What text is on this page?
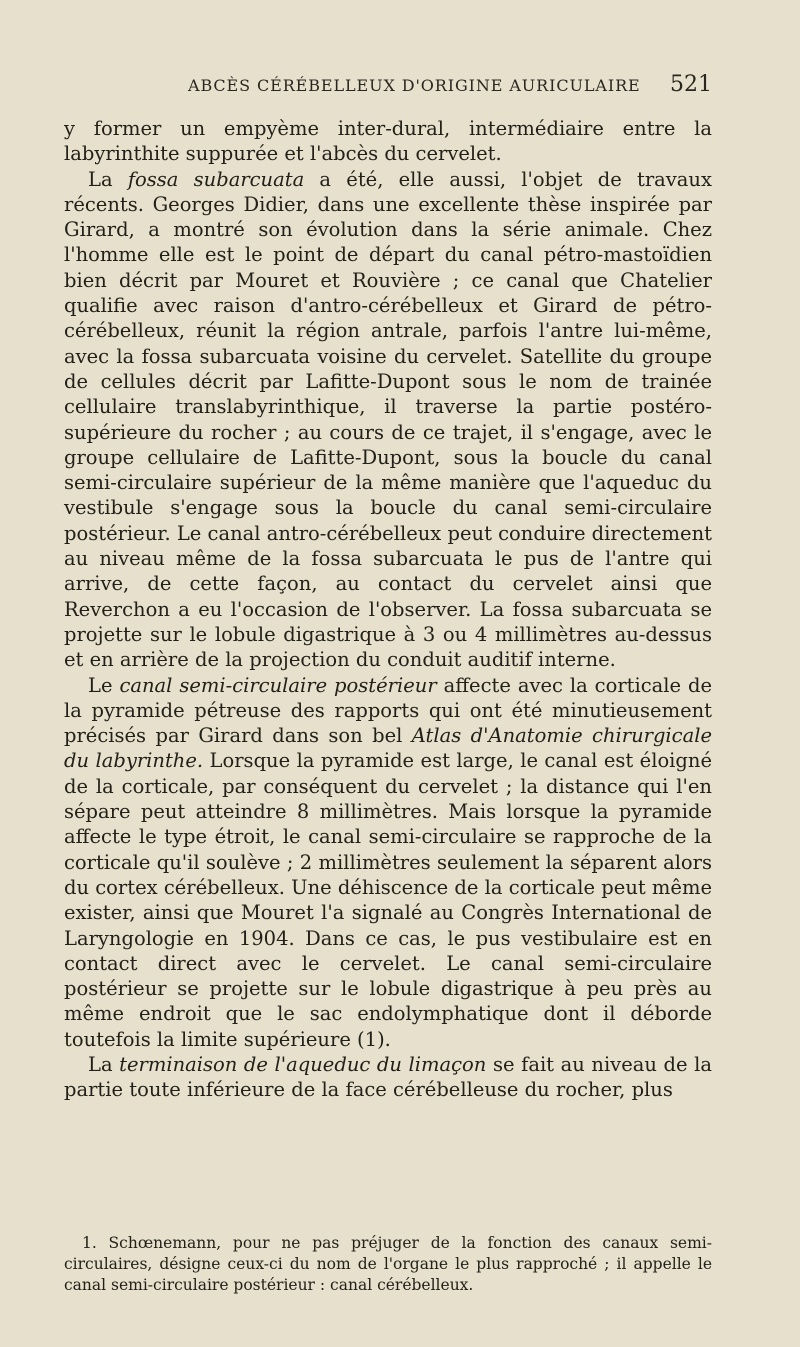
ABCÈS CÉRÉBELLEUX D'ORIGINE AURICULAIRE 521

y former un empyème inter-dural, intermédiaire entre la labyrinthite suppurée et l'abcès du cervelet.

La fossa subarcuata a été, elle aussi, l'objet de travaux récents. Georges Didier, dans une excellente thèse inspirée par Girard, a montré son évolution dans la série animale. Chez l'homme elle est le point de départ du canal pétro-mastoïdien bien décrit par Mouret et Rouvière ; ce canal que Chatelier qualifie avec raison d'antro-cérébelleux et Girard de pétro-cérébelleux, réunit la région antrale, parfois l'antre lui-même, avec la fossa subarcuata voisine du cervelet. Satellite du groupe de cellules décrit par Lafitte-Dupont sous le nom de trainée cellulaire translabyrinthique, il traverse la partie postéro-supérieure du rocher ; au cours de ce trajet, il s'engage, avec le groupe cellulaire de Lafitte-Dupont, sous la boucle du canal semi-circulaire supérieur de la même manière que l'aqueduc du vestibule s'engage sous la boucle du canal semi-circulaire postérieur. Le canal antro-cérébelleux peut conduire directement au niveau même de la fossa subarcuata le pus de l'antre qui arrive, de cette façon, au contact du cervelet ainsi que Reverchon a eu l'occasion de l'observer. La fossa subarcuata se projette sur le lobule digastrique à 3 ou 4 millimètres au-dessus et en arrière de la projection du conduit auditif interne.

Le canal semi-circulaire postérieur affecte avec la corticale de la pyramide pétreuse des rapports qui ont été minutieusement précisés par Girard dans son bel Atlas d'Anatomie chirurgicale du labyrinthe. Lorsque la pyramide est large, le canal est éloigné de la corticale, par conséquent du cervelet ; la distance qui l'en sépare peut atteindre 8 millimètres. Mais lorsque la pyramide affecte le type étroit, le canal semi-circulaire se rapproche de la corticale qu'il soulève ; 2 millimètres seulement la séparent alors du cortex cérébelleux. Une déhiscence de la corticale peut même exister, ainsi que Mouret l'a signalé au Congrès International de Laryngologie en 1904. Dans ce cas, le pus vestibulaire est en contact direct avec le cervelet. Le canal semi-circulaire postérieur se projette sur le lobule digastrique à peu près au même endroit que le sac endolymphatique dont il déborde toutefois la limite supérieure (1).

La terminaison de l'aqueduc du limaçon se fait au niveau de la partie toute inférieure de la face cérébelleuse du rocher, plus

1. Schœnemann, pour ne pas préjuger de la fonction des canaux semi-circulaires, désigne ceux-ci du nom de l'organe le plus rapproché ; il appelle le canal semi-circulaire postérieur : canal cérébelleux.
